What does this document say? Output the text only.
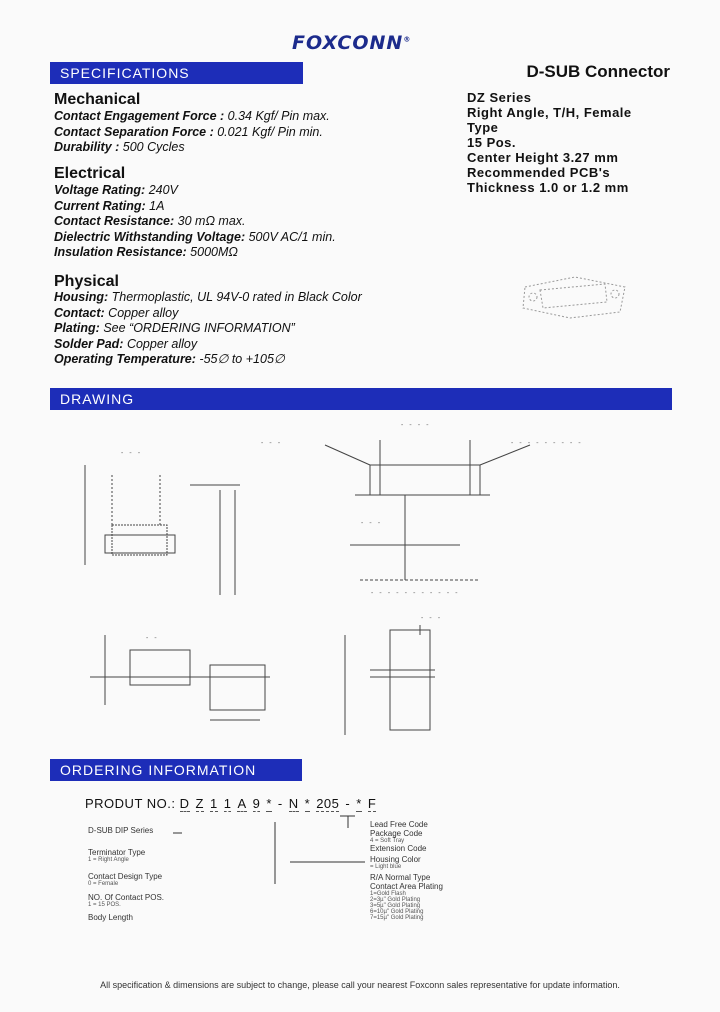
FOXCONN®
SPECIFICATIONS	D-SUB Connector
DZ Series
Right Angle, T/H, Female
Type
15 Pos.
Center Height 3.27 mm
Recommended PCB's
Thickness 1.0 or 1.2 mm
Mechanical
Contact Engagement Force : 0.34 Kgf/ Pin max.
Contact Separation Force : 0.021 Kgf/ Pin min.
Durability : 500 Cycles
Electrical
Voltage Rating: 240V
Current Rating: 1A
Contact Resistance: 30 mΩ max.
Dielectric Withstanding Voltage: 500V AC/1 min.
Insulation Resistance: 5000MΩ
Physical
Housing: Thermoplastic, UL 94V-0 rated in Black Color
Contact: Copper alloy
Plating: See “ORDERING INFORMATION”
Solder Pad: Copper alloy
Operating Temperature: -55∅ to +105∅
DRAWING
- - -
- - -
- - - -
- - - - - - - - -
- - -
- - - - - - - - - - -
- -
- - -
ORDERING INFORMATION
PRODUT NO.: D Z 1 1 A 9 * - N * 205 - * F
D-SUB DIP Series
Terminator Type
1 = Right Angle
Contact Design Type
0 = Female
NO. Of Contact POS.
1 = 15 POS.
Body Length
Lead Free Code
Package Code
4 = Soft Tray
Extension Code
Housing Color
= Light blue
R/A Normal Type
Contact Area Plating
1=Gold Flash
2=3µ" Gold Plating
3=5µ" Gold Plating
6=10µ" Gold Plating
7=15µ" Gold Plating
All specification & dimensions are subject to change, please call your nearest Foxconn sales representative for update information.
